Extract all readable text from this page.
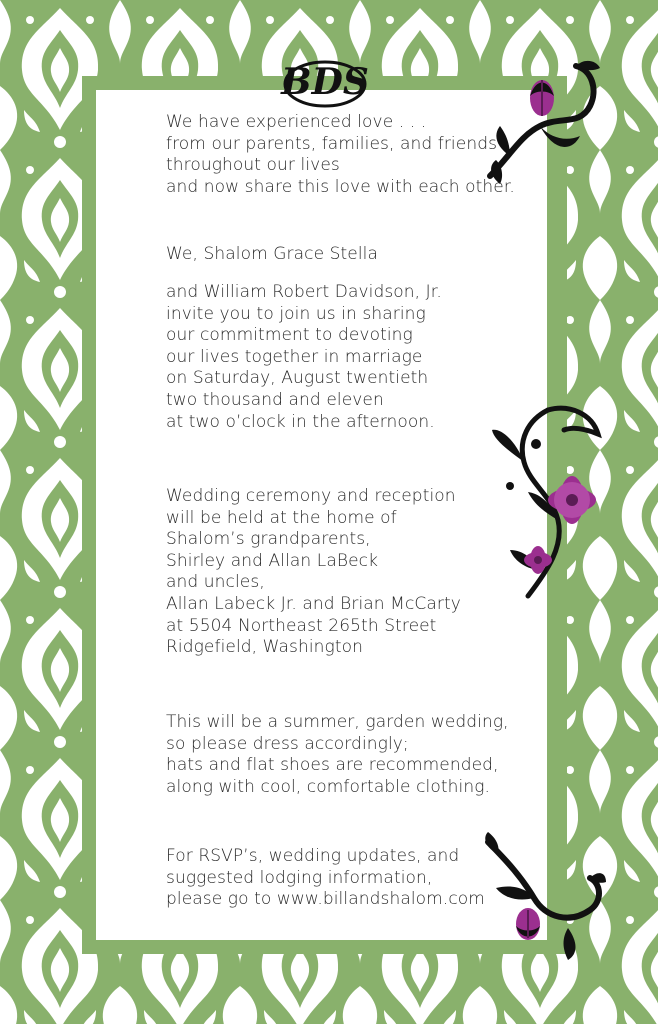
BDS
We have experienced love . . .
from our parents, families, and friends
throughout our lives
and now share this love with each other.
We, Shalom Grace Stella
and William Robert Davidson, Jr.
invite you to join us in sharing
our commitment to devoting
our lives together in marriage
on Saturday, August twentieth
two thousand and eleven
at two o’clock in the afternoon.
Wedding ceremony and reception
will be held at the home of
Shalom’s grandparents,
Shirley and Allan LaBeck
and uncles,
Allan Labeck Jr. and Brian McCarty
at 5504 Northeast 265th Street
Ridgefield, Washington
This will be a summer, garden wedding,
so please dress accordingly;
hats and flat shoes are recommended,
along with cool, comfortable clothing.
For RSVP’s, wedding updates, and
suggested lodging information,
please go to www.billandshalom.com
